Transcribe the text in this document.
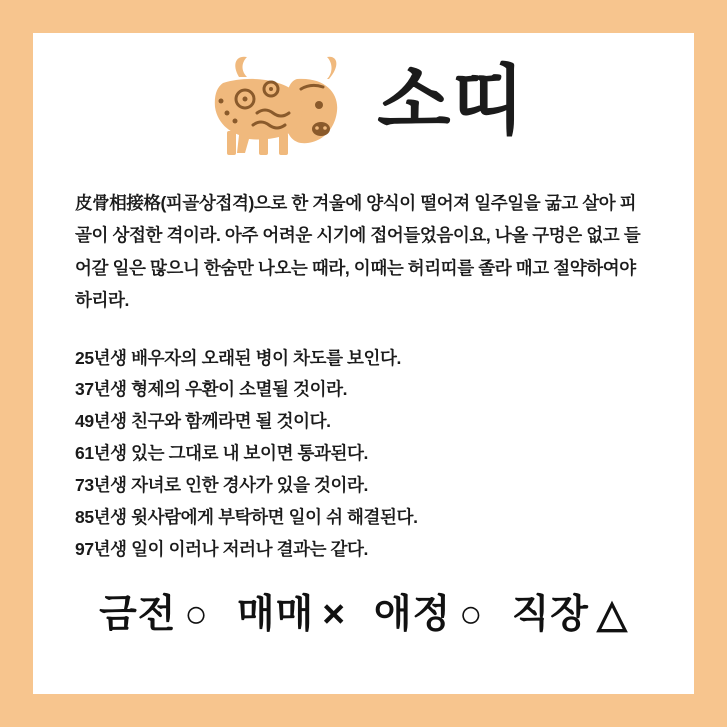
소띠

皮骨相接格(피골상접격)으로 한 겨울에 양식이 떨어져 일주일을 굶고 살아 피골이 상접한 격이라. 아주 어려운 시기에 접어들었음이요, 나올 구멍은 없고 들어갈 일은 많으니 한숨만 나오는 때라, 이때는 허리띠를 졸라 매고 절약하여야 하리라.

25년생 배우자의 오래된 병이 차도를 보인다.
37년생 형제의 우환이 소멸될 것이라.
49년생 친구와 함께라면 될 것이다.
61년생 있는 그대로 내 보이면 통과된다.
73년생 자녀로 인한 경사가 있을 것이라.
85년생 윗사람에게 부탁하면 일이 쉬 해결된다.
97년생 일이 이러나 저러나 결과는 같다.
금전 ○ 매매 × 애정 ○ 직장 △
